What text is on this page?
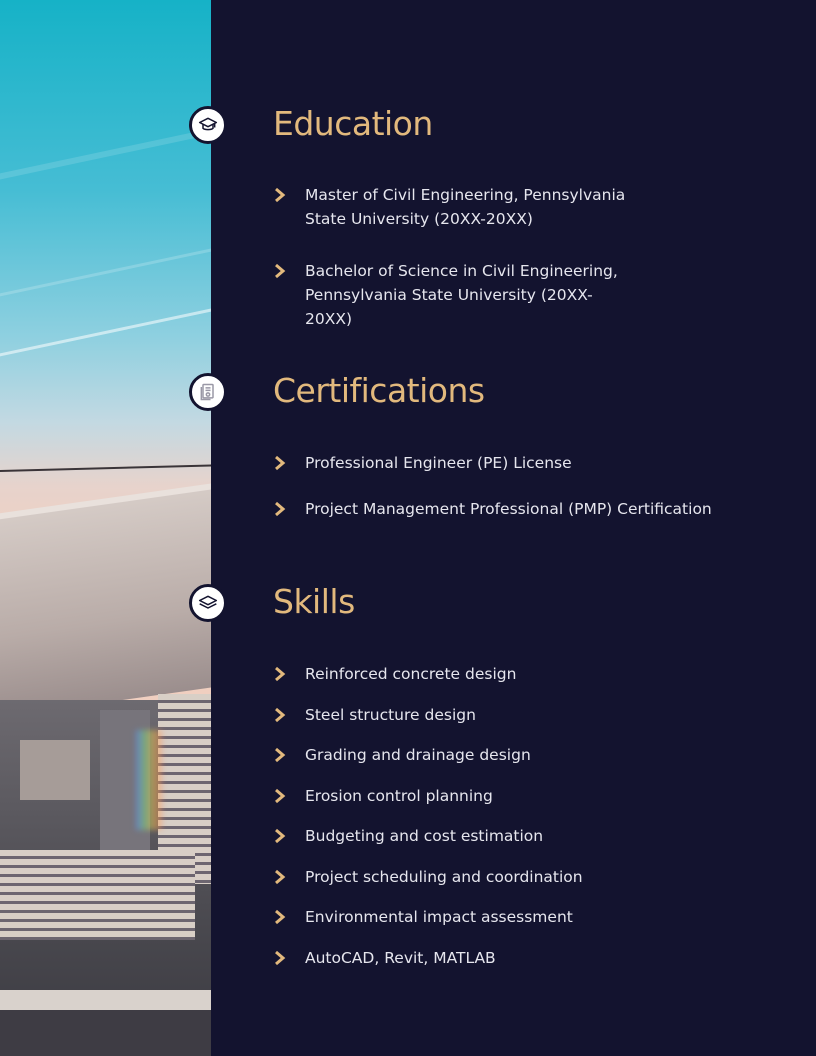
Education
Master of Civil Engineering, Pennsylvania State University (20XX-20XX)
Bachelor of Science in Civil Engineering, Pennsylvania State University (20XX-20XX)
Certifications
Professional Engineer (PE) License
Project Management Professional (PMP) Certification
Skills
Reinforced concrete design
Steel structure design
Grading and drainage design
Erosion control planning
Budgeting and cost estimation
Project scheduling and coordination
Environmental impact assessment
AutoCAD, Revit, MATLAB
